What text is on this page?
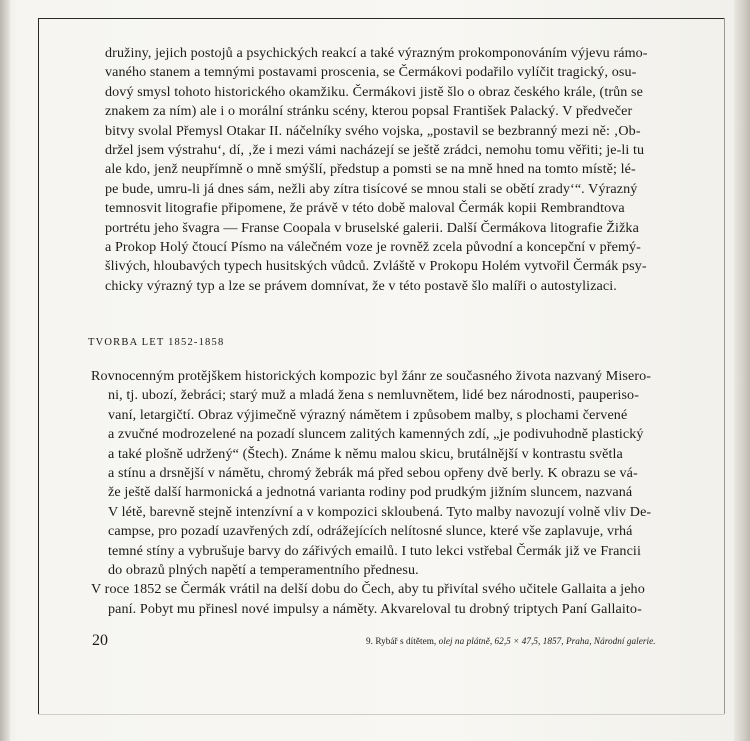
družiny, jejich postojů a psychických reakcí a také výrazným prokomponováním výjevu rámo-
vaného stanem a temnými postavami proscenia, se Čermákovi podařilo vylíčit tragický, osu-
dový smysl tohoto historického okamžiku. Čermákovi jistě šlo o obraz českého krále, (trůn se
znakem za ním) ale i o morální stránku scény, kterou popsal František Palacký. V předvečer
bitvy svolal Přemysl Otakar II. náčelníky svého vojska, „postavil se bezbranný mezi ně: ‚Ob-
držel jsem výstrahu‘, dí, ‚že i mezi vámi nacházejí se ještě zrádci, nemohu tomu věřiti; je-li tu
ale kdo, jenž neupřímně o mně smýšlí, předstup a pomsti se na mně hned na tomto místě; lé-
pe bude, umru-li já dnes sám, nežli aby zítra tisícové se mnou stali se obětí zrady‘“. Výrazný
temnosvit litografie připomene, že právě v této době maloval Čermák kopii Rembrandtova
portrétu jeho švagra — Franse Coopala v bruselské galerii. Další Čermákova litografie Žižka
a Prokop Holý čtoucí Písmo na válečném voze je rovněž zcela původní a koncepční v přemý-
šlivých, hloubavých typech husitských vůdců. Zvláště v Prokopu Holém vytvořil Čermák psy-
chicky výrazný typ a lze se právem domnívat, že v této postavě šlo malíři o autostylizaci.
TVORBA LET 1852-1858
Rovnocenným protějškem historických kompozic byl žánr ze současného života nazvaný Misero-
ni, tj. ubozí, žebráci; starý muž a mladá žena s nemluvnětem, lidé bez národnosti, pauperiso-
vaní, letargičtí. Obraz výjimečně výrazný námětem i způsobem malby, s plochami červené
a zvučné modrozelené na pozadí sluncem zalitých kamenných zdí, „je podivuhodně plastický
a také plošně udržený“ (Štech). Známe k němu malou skicu, brutálnější v kontrastu světla
a stínu a drsnější v námětu, chromý žebrák má před sebou opřeny dvě berly. K obrazu se vá-
že ještě další harmonická a jednotná varianta rodiny pod prudkým jižním sluncem, nazvaná
V létě, barevně stejně intenzívní a v kompozici skloubená. Tyto malby navozují volně vliv De-
campse, pro pozadí uzavřených zdí, odrážejících nelítosné slunce, které vše zaplavuje, vrhá
temné stíny a vybrušuje barvy do zářivých emailů. I tuto lekci vstřebal Čermák již ve Francii
do obrazů plných napětí a temperamentního přednesu.
V roce 1852 se Čermák vrátil na delší dobu do Čech, aby tu přivítal svého učitele Gallaita a jeho
paní. Pobyt mu přinesl nové impulsy a náměty. Akvareloval tu drobný triptych Paní Gallaito-
20	9. Rybář s dítětem, olej na plátně, 62,5 × 47,5, 1857, Praha, Národní galerie.
